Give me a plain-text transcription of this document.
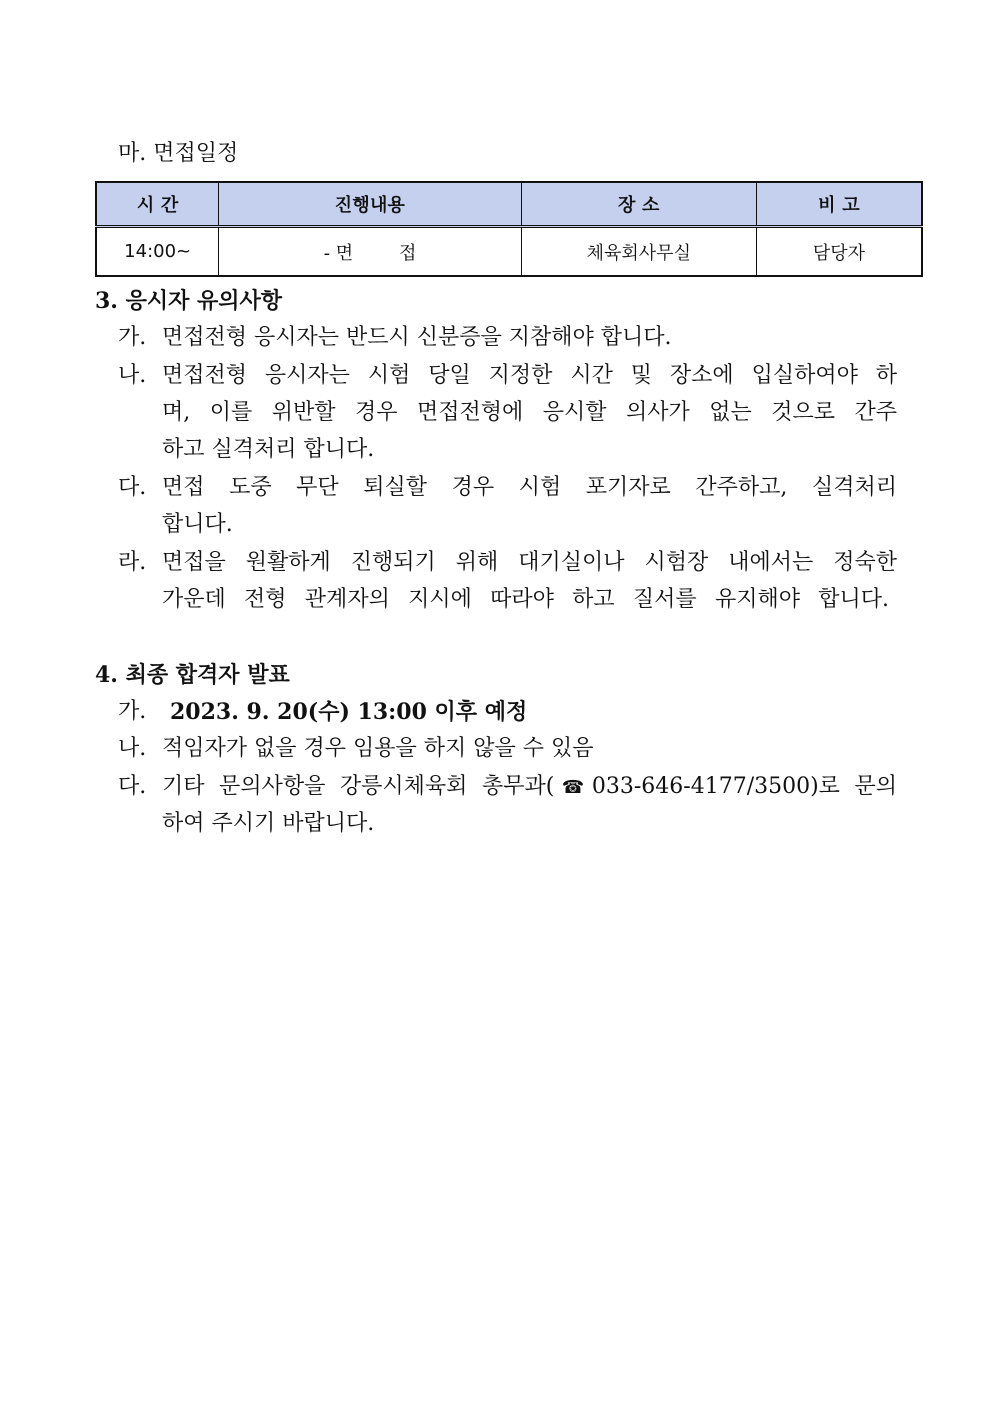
마. 면접일정
시 간	진행내용	장 소	비 고
14:00~	- 면        접	체육회사무실	담당자
3. 응시자 유의사항
가. 면접전형 응시자는 반드시 신분증을 지참해야 합니다.
나. 면접전형 응시자는 시험 당일 지정한 시간 및 장소에 입실하여야 하
며, 이를 위반할 경우 면접전형에 응시할 의사가 없는 것으로 간주
하고 실격처리 합니다.
다. 면접 도중 무단 퇴실할 경우 시험 포기자로 간주하고, 실격처리
합니다.
라. 면접을 원활하게 진행되기 위해 대기실이나 시험장 내에서는 정숙한
가운데 전형 관계자의 지시에 따라야 하고 질서를 유지해야 합니다.
4. 최종 합격자 발표
가. 2023. 9. 20(수) 13:00 이후 예정
나. 적임자가 없을 경우 임용을 하지 않을 수 있음
다. 기타 문의사항을 강릉시체육회 총무과(☎033-646-4177/3500)로 문의
하여 주시기 바랍니다.
